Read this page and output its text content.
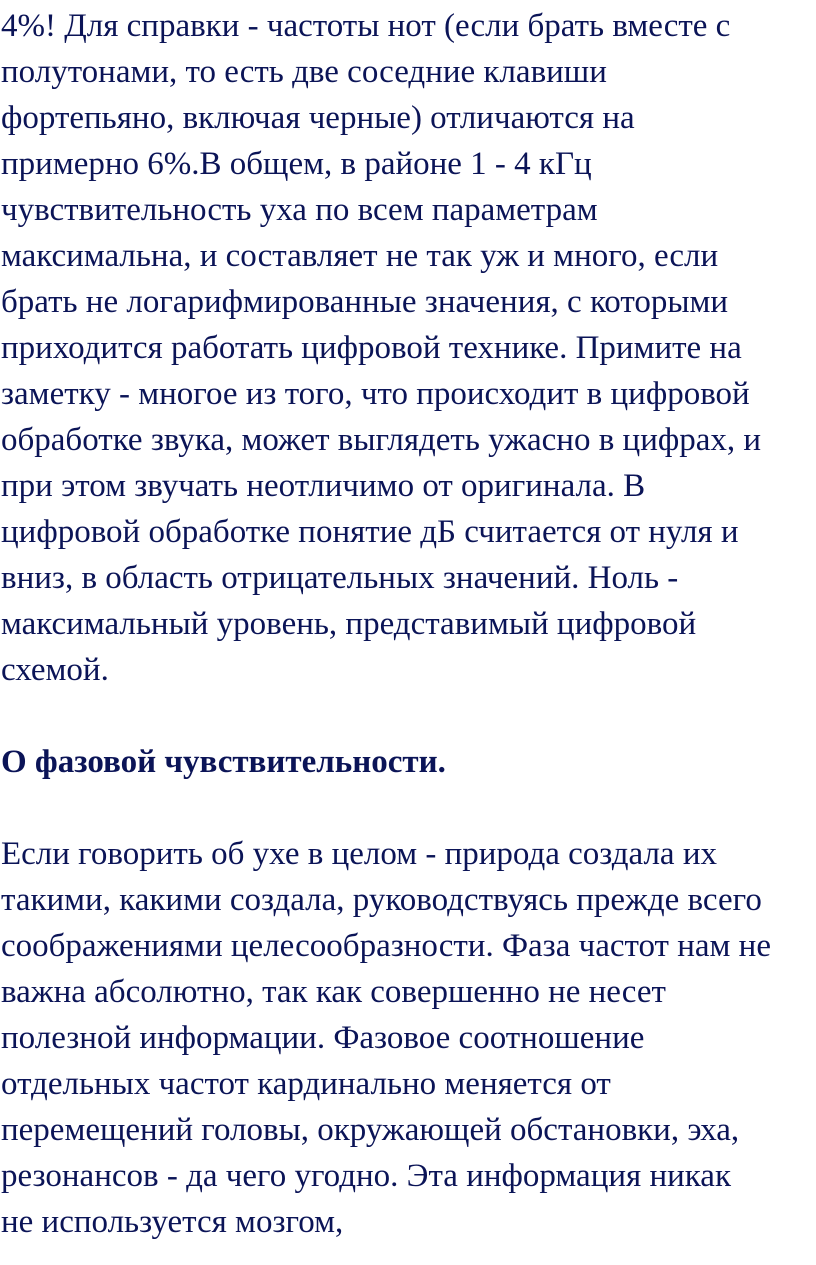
4%! Для справки - частоты нот (если брать вместе с
полутонами, то есть две соседние клавиши
фортепьяно, включая черные) отличаются на
примерно 6%.В общем, в районе 1 - 4 кГц
чувствительность уха по всем параметрам
максимальна, и составляет не так уж и много, если
брать не логарифмированные значения, с которыми
приходится работать цифровой технике. Примите на
заметку - многое из того, что происходит в цифровой
обработке звука, может выглядеть ужасно в цифрах, и
при этом звучать неотличимо от оригинала. В
цифровой обработке понятие дБ считается от нуля и
вниз, в область отрицательных значений. Ноль -
максимальный уровень, представимый цифровой
схемой.
О фазовой чувствительности.
Если говорить об ухе в целом - природа создала их
такими, какими создала, руководствуясь прежде всего
соображениями целесообразности. Фаза частот нам не
важна абсолютно, так как совершенно не несет
полезной информации. Фазовое соотношение
отдельных частот кардинально меняется от
перемещений головы, окружающей обстановки, эха,
резонансов - да чего угодно. Эта информация никак
не используется мозгом,
